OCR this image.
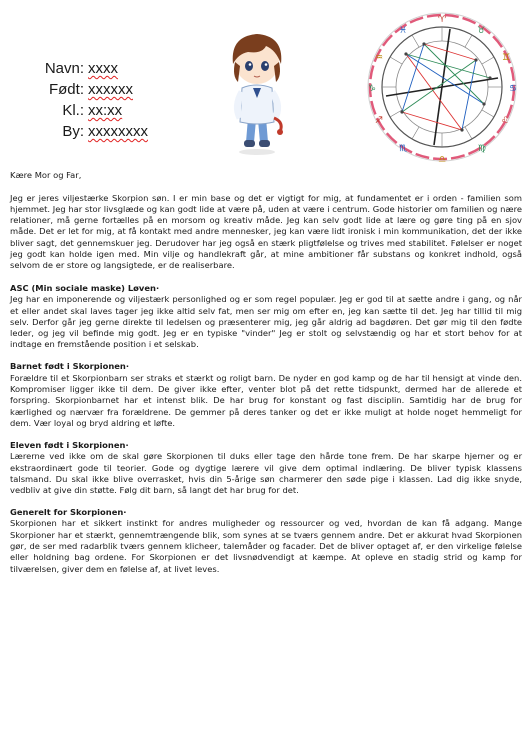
Navn: xxxx
Født: xxxxxx
Kl.: xx:xx
By: xxxxxxxx
♈
♉
♊
♋
♌
♍
♎
♏
♐
♑
♒
♓

Kære Mor og Far,

Jeg er jeres viljestærke Skorpion søn. I er min base og det er vigtigt for mig, at fundamentet er i orden - familien som hjemmet. Jeg har stor livsglæde og kan godt lide at være på, uden at være i centrum. Gode historier om familien og nære relationer, må gerne fortælles på en morsom og kreativ måde. Jeg kan selv godt lide at lære og gøre ting på en sjov måde. Det er let for mig, at få kontakt med andre mennesker, jeg kan være lidt ironisk i min kommunikation, det der ikke bliver sagt, det gennemskuer jeg. Derudover har jeg også en stærk pligtfølelse og trives med stabilitet. Følelser er noget jeg godt kan holde igen med. Min vilje og handlekraft går, at mine ambitioner får substans og konkret indhold, også selvom de er store og langsigtede, er de realiserbare.

ASC (Min sociale maske) Løven·

Jeg har en imponerende og viljestærk personlighed og er som regel populær. Jeg er god til at sætte andre i gang, og når et eller andet skal laves tager jeg ikke altid selv fat, men ser mig om efter en, jeg kan sætte til det. Jeg har tillid til mig selv. Derfor går jeg gerne direkte til ledelsen og præsenterer mig, jeg går aldrig ad bagdøren. Det gør mig til den fødte leder, og jeg vil befinde mig godt. Jeg er en typiske "vinder" Jeg er stolt og selvstændig og har et stort behov for at indtage en fremstående position i et selskab.

Barnet født i Skorpionen·

Forældre til et Skorpionbarn ser straks et stærkt og roligt barn. De nyder en god kamp og de har til hensigt at vinde den. Kompromiser ligger ikke til dem. De giver ikke efter, venter blot på det rette tidspunkt, dermed har de allerede et forspring. Skorpionbarnet har et intenst blik. De har brug for konstant og fast disciplin. Samtidig har de brug for kærlighed og nærvær fra forældrene. De gemmer på deres tanker og det er ikke muligt at holde noget hemmeligt for dem. Vær loyal og bryd aldring et løfte.

Eleven født i Skorpionen·

Lærerne ved ikke om de skal gøre Skorpionen til duks eller tage den hårde tone frem. De har skarpe hjerner og er ekstraordinært gode til teorier. Gode og dygtige lærere vil give dem optimal indlæring. De bliver typisk klassens talsmand. Du skal ikke blive overrasket, hvis din 5-årige søn charmerer den søde pige i klassen. Lad dig ikke snyde, vedbliv at give din støtte. Følg dit barn, så langt det har brug for det.

Generelt for Skorpionen·

Skorpionen har et sikkert instinkt for andres muligheder og ressourcer og ved, hvordan de kan få adgang. Mange Skorpioner har et stærkt, gennemtrængende blik, som synes at se tværs gennem andre. Det er akkurat hvad Skorpionen gør, de ser med radarblik tværs gennem klicheer, talemåder og facader. Det de bliver optaget af, er den virkelige følelse eller holdning bag ordene. For Skorpionen er det livsnødvendigt at kæmpe. At opleve en stadig strid og kamp for tilværelsen, giver dem en følelse af, at livet leves.
